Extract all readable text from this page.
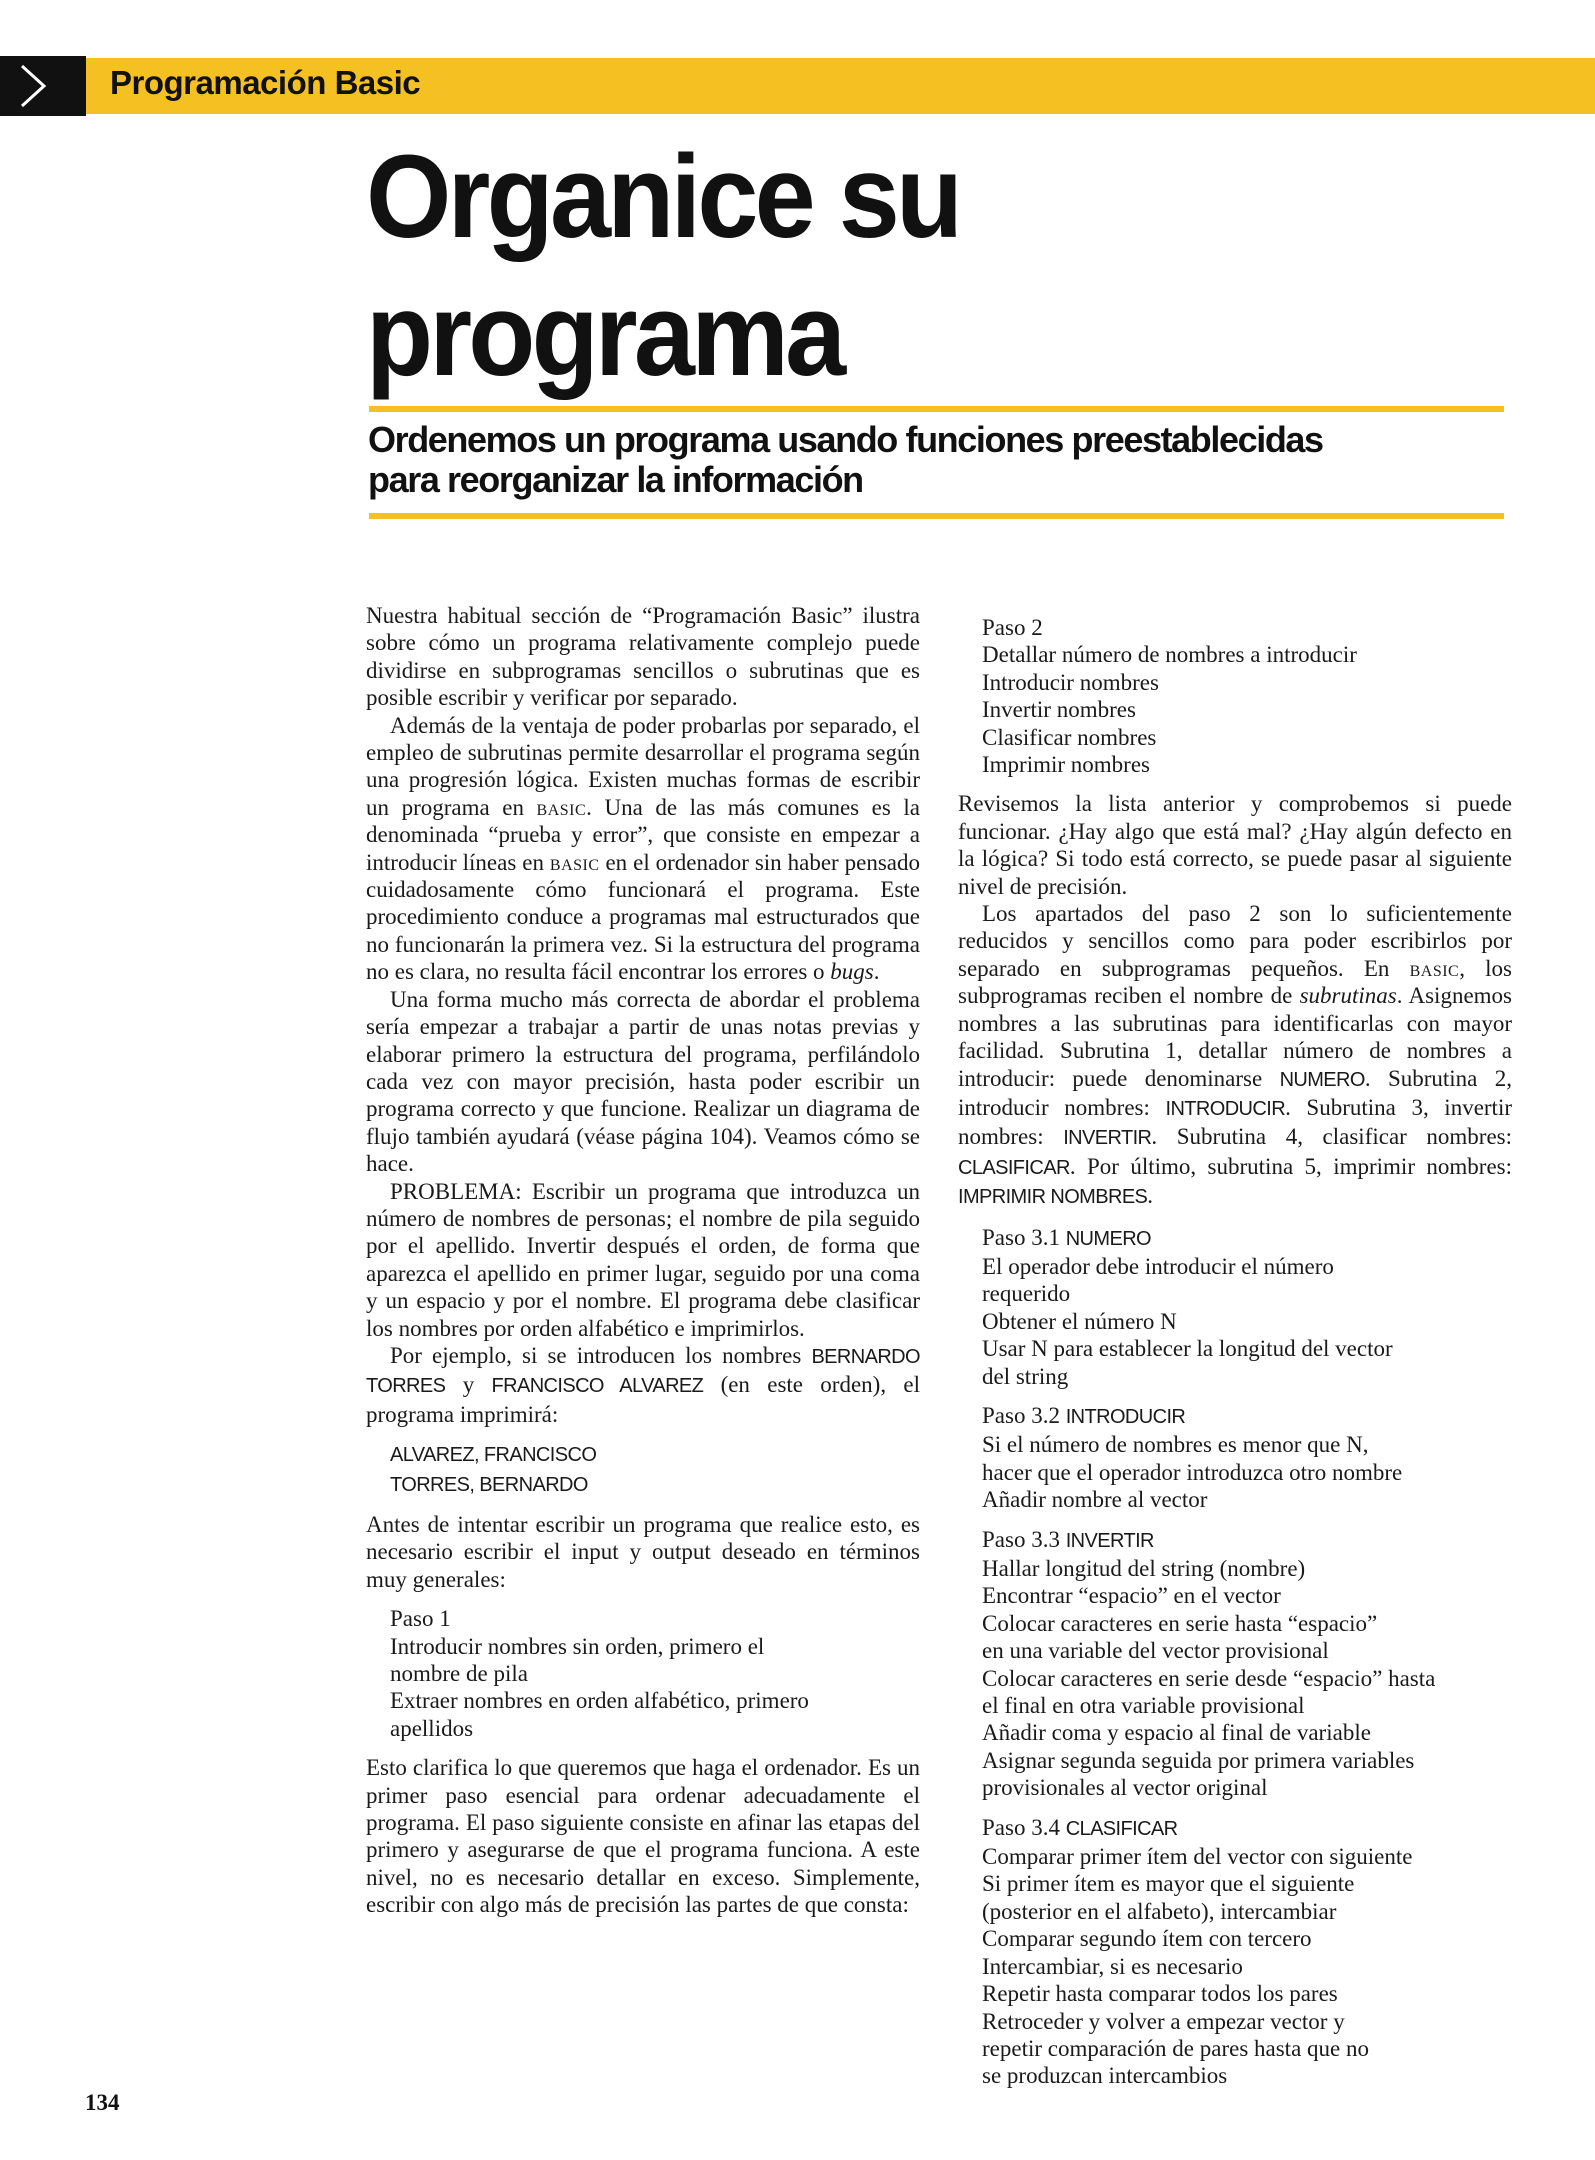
Programación Basic
Organice su
programa
Ordenemos un programa usando funciones preestablecidas
para reorganizar la información

Nuestra habitual sección de “Programación Basic” ilustra sobre cómo un programa relativamente complejo puede dividirse en subprogramas sencillos o subrutinas que es posible escribir y verificar por separado.

Además de la ventaja de poder probarlas por separado, el empleo de subrutinas permite desarrollar el programa según una progresión lógica. Existen muchas formas de escribir un programa en basic. Una de las más comunes es la denominada “prueba y error”, que consiste en empezar a introducir líneas en basic en el ordenador sin haber pensado cuidadosamente cómo funcionará el programa. Este procedimiento conduce a programas mal estructurados que no funcionarán la primera vez. Si la estructura del programa no es clara, no resulta fácil encontrar los errores o bugs.

Una forma mucho más correcta de abordar el problema sería empezar a trabajar a partir de unas notas previas y elaborar primero la estructura del programa, perfilándolo cada vez con mayor precisión, hasta poder escribir un programa correcto y que funcione. Realizar un diagrama de flujo también ayudará (véase página 104). Veamos cómo se hace.

PROBLEMA: Escribir un programa que introduzca un número de nombres de personas; el nombre de pila seguido por el apellido. Invertir después el orden, de forma que aparezca el apellido en primer lugar, seguido por una coma y un espacio y por el nombre. El programa debe clasificar los nombres por orden alfabético e imprimirlos.

Por ejemplo, si se introducen los nombres BERNARDO TORRES y FRANCISCO ALVAREZ (en este orden), el programa imprimirá:

ALVAREZ, FRANCISCO
TORRES, BERNARDO

Antes de intentar escribir un programa que realice esto, es necesario escribir el input y output deseado en términos muy generales:

Paso 1
Introducir nombres sin orden, primero el
nombre de pila
Extraer nombres en orden alfabético, primero
apellidos

Esto clarifica lo que queremos que haga el ordenador. Es un primer paso esencial para ordenar adecuadamente el programa. El paso siguiente consiste en afinar las etapas del primero y asegurarse de que el programa funciona. A este nivel, no es necesario detallar en exceso. Simplemente, escribir con algo más de precisión las partes de que consta:

Paso 2
Detallar número de nombres a introducir
Introducir nombres
Invertir nombres
Clasificar nombres
Imprimir nombres

Revisemos la lista anterior y comprobemos si puede funcionar. ¿Hay algo que está mal? ¿Hay algún defecto en la lógica? Si todo está correcto, se puede pasar al siguiente nivel de precisión.

Los apartados del paso 2 son lo suficientemente reducidos y sencillos como para poder escribirlos por separado en subprogramas pequeños. En basic, los subprogramas reciben el nombre de subrutinas. Asignemos nombres a las subrutinas para identificarlas con mayor facilidad. Subrutina 1, detallar número de nombres a introducir: puede denominarse NUMERO. Subrutina 2, introducir nombres: INTRODUCIR. Subrutina 3, invertir nombres: INVERTIR. Subrutina 4, clasificar nombres: CLASIFICAR. Por último, subrutina 5, imprimir nombres: IMPRIMIR NOMBRES.

Paso 3.1 NUMERO
El operador debe introducir el número
requerido
Obtener el número N
Usar N para establecer la longitud del vector
del string
Paso 3.2 INTRODUCIR
Si el número de nombres es menor que N,
hacer que el operador introduzca otro nombre
Añadir nombre al vector
Paso 3.3 INVERTIR
Hallar longitud del string (nombre)
Encontrar “espacio” en el vector
Colocar caracteres en serie hasta “espacio”
en una variable del vector provisional
Colocar caracteres en serie desde “espacio” hasta
el final en otra variable provisional
Añadir coma y espacio al final de variable
Asignar segunda seguida por primera variables
provisionales al vector original
Paso 3.4 CLASIFICAR
Comparar primer ítem del vector con siguiente
Si primer ítem es mayor que el siguiente
(posterior en el alfabeto), intercambiar
Comparar segundo ítem con tercero
Intercambiar, si es necesario
Repetir hasta comparar todos los pares
Retroceder y volver a empezar vector y
repetir comparación de pares hasta que no
se produzcan intercambios
134
